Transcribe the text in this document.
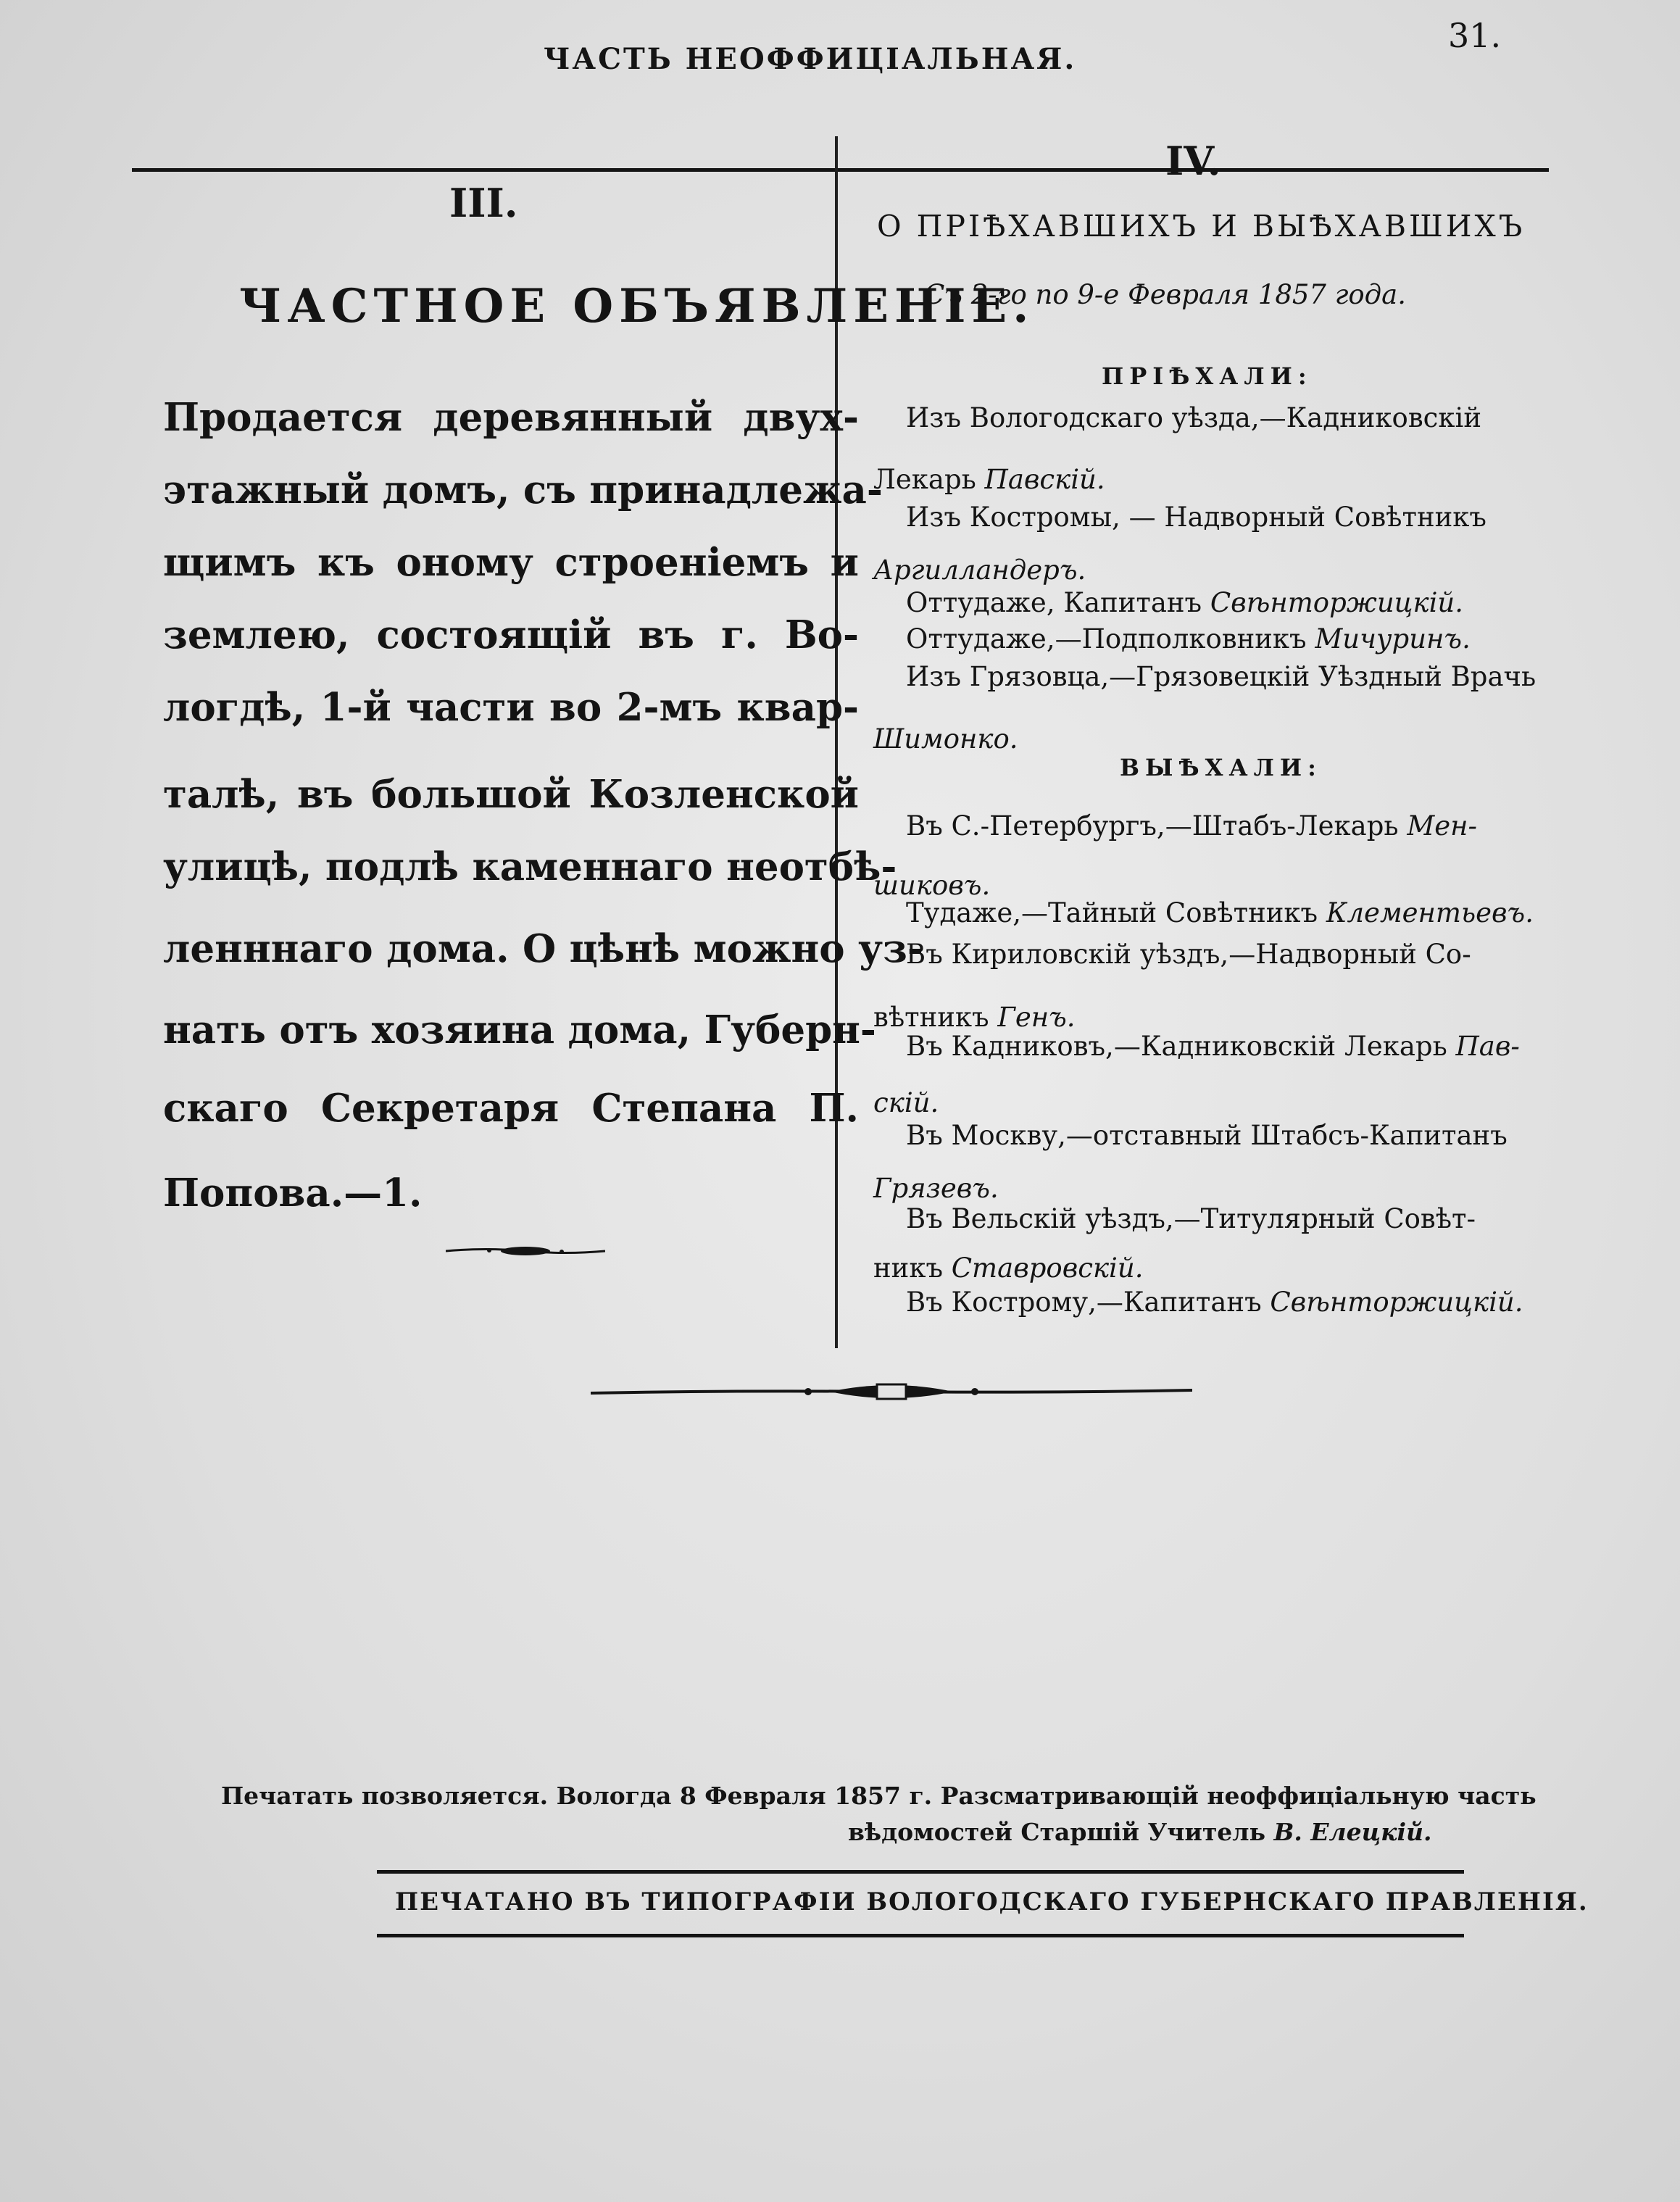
31.
ЧАСТЬ НЕОФФИЦІАЛЬНАЯ.
III.
ЧАСТНОЕ ОБЪЯВЛЕНІЕ.
Продается деревянный двух-
этажный домъ, съ принадлежа-
щимъ къ оному строеніемъ и
землею, состоящій въ г. Во-
логдѣ, 1-й части во 2-мъ квар-
талѣ, въ большой Козленской
улицѣ, подлѣ каменнаго неотбѣ-
ленннаго дома. О цѣнѣ можно уз-
нать отъ хозяина дома, Губерн-
скаго Секретаря Степана П.
Попова.—1.
IV.
О ПРІѢХАВШИХЪ И ВЫѢХАВШИХЪ
Съ 2-го по 9-е Февраля 1857 года.
ПРІѢХАЛИ:
Изъ Вологодскаго уѣзда,—Кадниковскій
Лекарь Павскій.
Изъ Костромы, — Надворный Совѣтникъ
Аргилландеръ.
Оттудаже, Капитанъ Свѣнторжицкій.
Оттудаже,—Подполковникъ Мичуринъ.
Изъ Грязовца,—Грязовецкій Уѣздный Врачь
Шимонко.
ВЫѢХАЛИ:
Въ С.-Петербургъ,—Штабъ-Лекарь Мен-
шиковъ.
Тудаже,—Тайный Совѣтникъ Клементьевъ.
Въ Кириловскій уѣздъ,—Надворный Со-
вѣтникъ Генъ.
Въ Кадниковъ,—Кадниковскій Лекарь Пав-
скій.
Въ Москву,—отставный Штабсъ-Капитанъ
Грязевъ.
Въ Вельскій уѣздъ,—Титулярный Совѣт-
никъ Ставровскій.
Въ Кострому,—Капитанъ Свѣнторжицкій.
Печатать позволяется. Вологда 8 Февраля 1857 г. Разсматривающій неоффиціальную часть
вѣдомостей Старшій Учитель В. Елецкій.
ПЕЧАТАНО ВЪ ТИПОГРАФІИ ВОЛОГОДСКАГО ГУБЕРНСКАГО ПРАВЛЕНІЯ.
